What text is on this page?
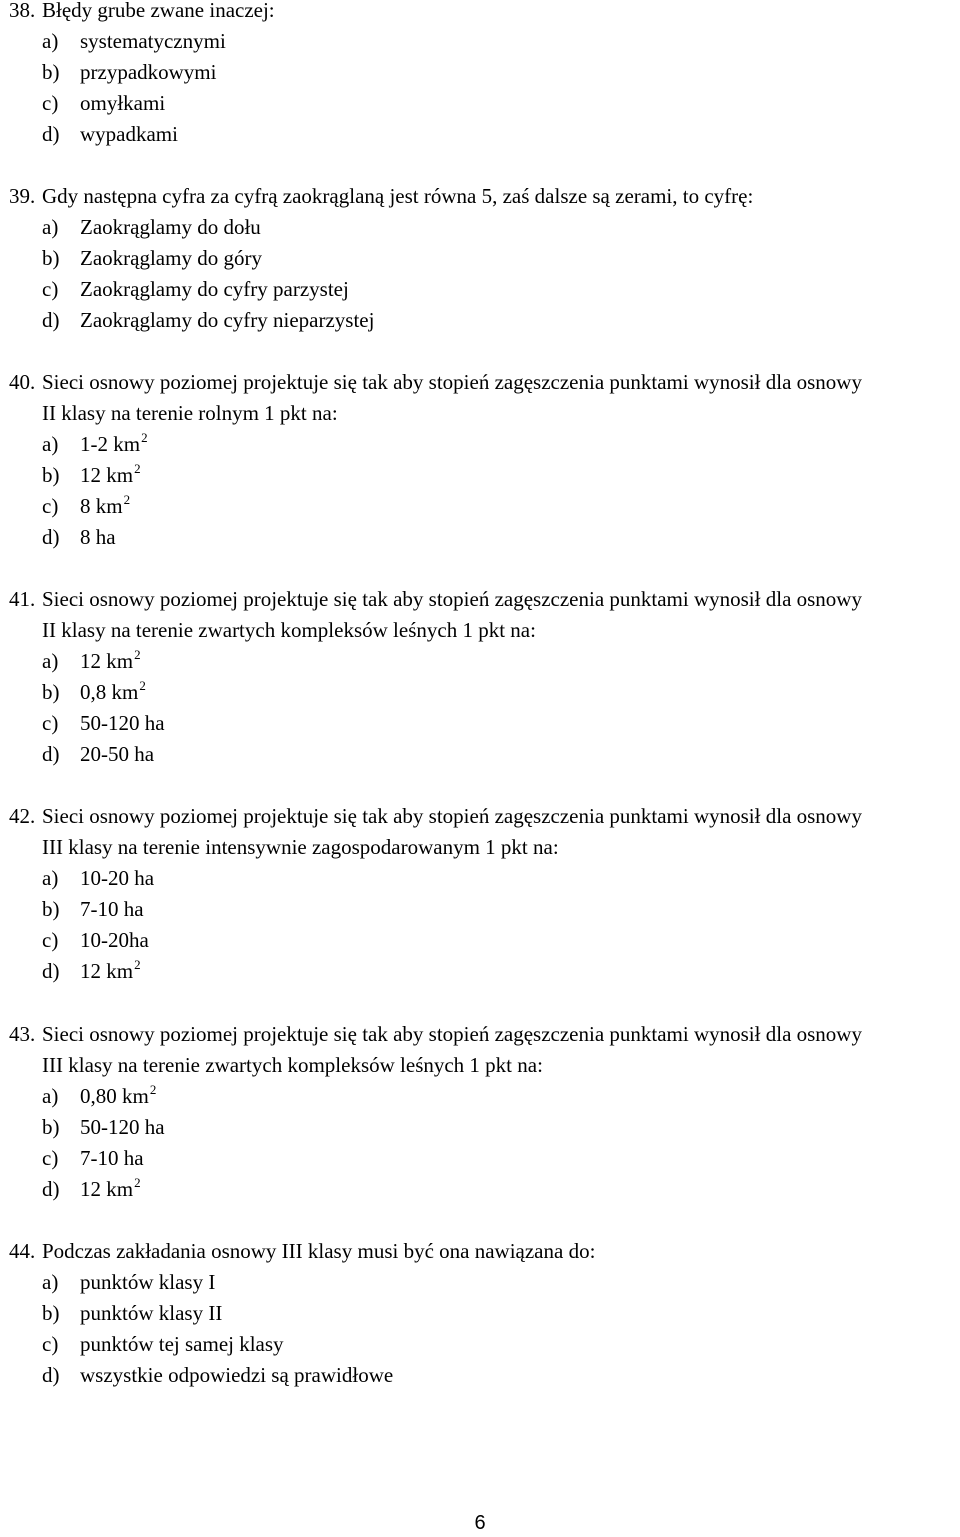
38. Błędy grube zwane inaczej:
a) systematycznymi
b) przypadkowymi
c) omyłkami
d) wypadkami
39. Gdy następna cyfra za cyfrą zaokrąglaną jest równa 5, zaś dalsze są zerami, to cyfrę:
a) Zaokrąglamy do dołu
b) Zaokrąglamy do góry
c) Zaokrąglamy do cyfry parzystej
d) Zaokrąglamy do cyfry nieparzystej
40. Sieci osnowy poziomej projektuje się tak aby stopień zagęszczenia punktami wynosił dla osnowy
II klasy na terenie rolnym 1 pkt na:
a) 1-2 $km^2$
b) 12 $km^2$
c) 8 $km^2$
d) 8 ha
41. Sieci osnowy poziomej projektuje się tak aby stopień zagęszczenia punktami wynosił dla osnowy
II klasy na terenie zwartych kompleksów leśnych 1 pkt na:
a) 12 $km^2$
b) 0,8 $km^2$
c) 50-120 ha
d) 20-50 ha
42. Sieci osnowy poziomej projektuje się tak aby stopień zagęszczenia punktami wynosił dla osnowy
III klasy na terenie intensywnie zagospodarowanym 1 pkt na:
a) 10-20 ha
b) 7-10 ha
c) 10-20ha
d) 12 $km^2$
43. Sieci osnowy poziomej projektuje się tak aby stopień zagęszczenia punktami wynosił dla osnowy
III klasy na terenie zwartych kompleksów leśnych 1 pkt na:
a) 0,80 $km^2$
b) 50-120 ha
c) 7-10 ha
d) 12 $km^2$
44. Podczas zakładania osnowy III klasy musi być ona nawiązana do:
a) punktów klasy I
b) punktów klasy II
c) punktów tej samej klasy
d) wszystkie odpowiedzi są prawidłowe
6
